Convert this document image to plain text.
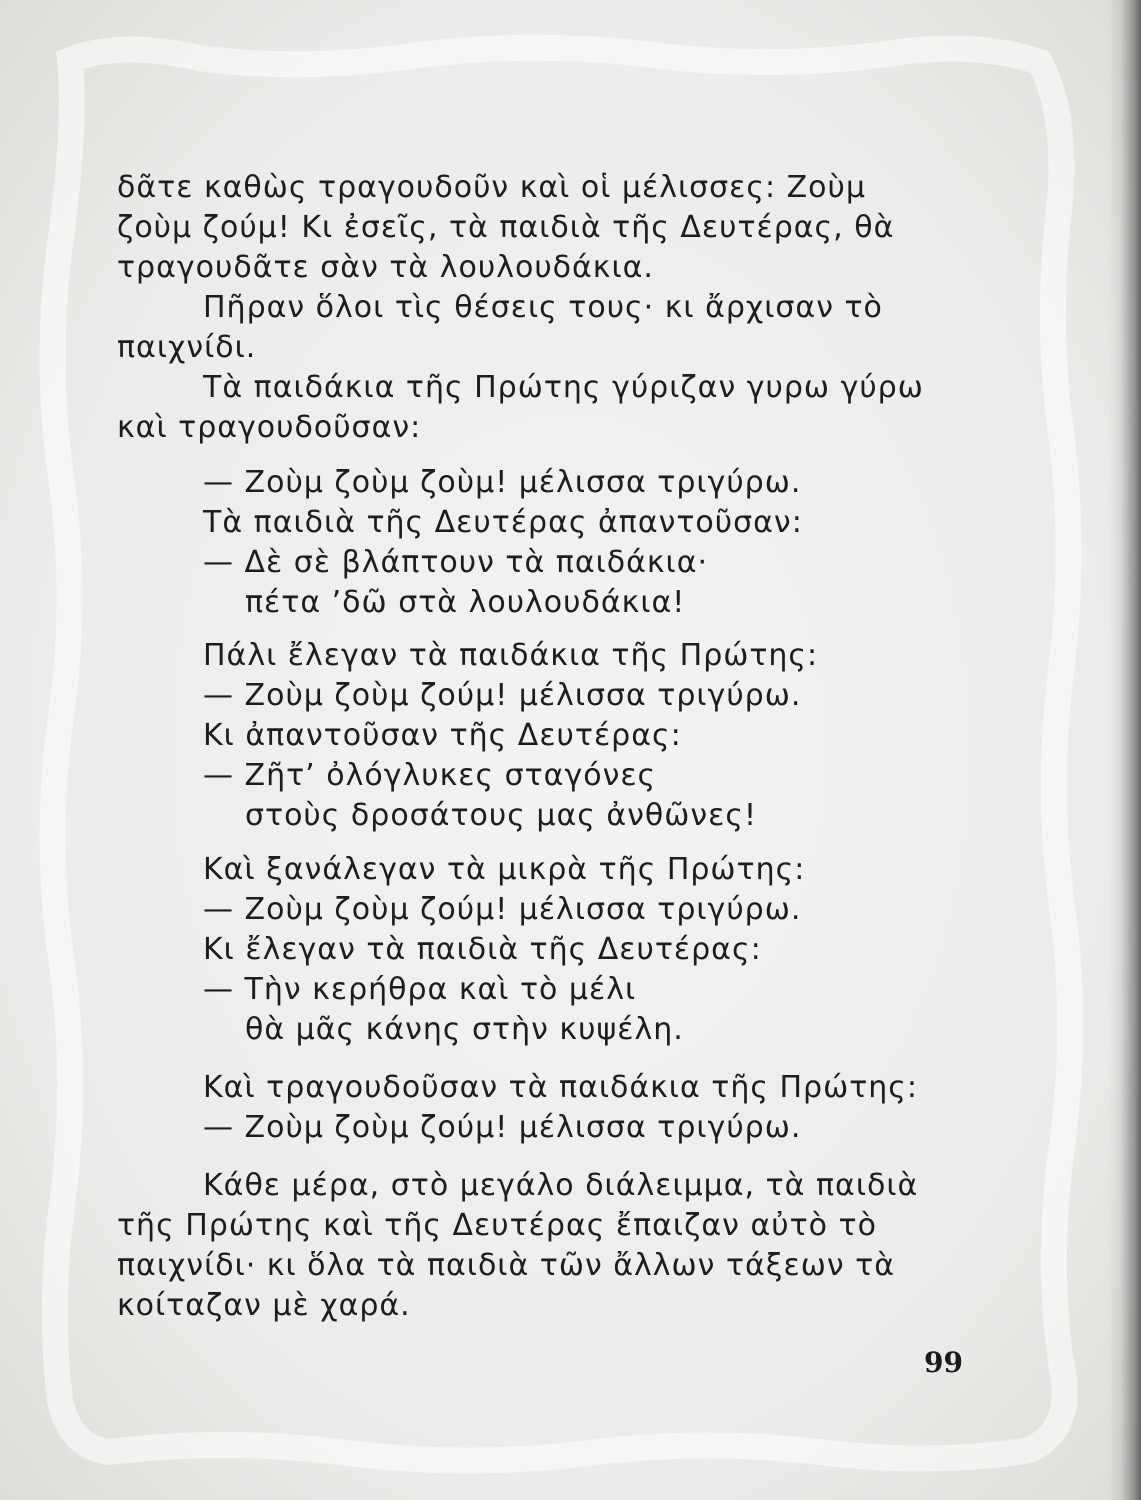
δᾶτε καθὼς τραγουδοῦν καὶ οἱ μέλισσες: Ζοὺμ
ζοὺμ ζούμ! Κι ἐσεῖς, τὰ παιδιὰ τῆς Δευτέρας, θὰ
τραγουδᾶτε σὰν τὰ λουλουδάκια.
Πῆραν ὅλοι τὶς θέσεις τους· κι ἄρχισαν τὸ
παιχνίδι.
Τὰ παιδάκια τῆς Πρώτης γύριζαν γυρω γύρω
καὶ τραγουδοῦσαν:
— Ζοὺμ ζοὺμ ζοὺμ! μέλισσα τριγύρω.
Τὰ παιδιὰ τῆς Δευτέρας ἀπαντοῦσαν:
— Δὲ σὲ βλάπτουν τὰ παιδάκια·
πέτα ’δῶ στὰ λουλουδάκια!
Πάλι ἔλεγαν τὰ παιδάκια τῆς Πρώτης:
— Ζοὺμ ζοὺμ ζούμ! μέλισσα τριγύρω.
Κι ἀπαντοῦσαν τῆς Δευτέρας:
— Ζῆτ’ ὀλόγλυκες σταγόνες
στοὺς δροσάτους μας ἀνθῶνες!
Καὶ ξανάλεγαν τὰ μικρὰ τῆς Πρώτης:
— Ζοὺμ ζοὺμ ζούμ! μέλισσα τριγύρω.
Κι ἔλεγαν τὰ παιδιὰ τῆς Δευτέρας:
— Τὴν κερήθρα καὶ τὸ μέλι
θὰ μᾶς κάνης στὴν κυψέλη.
Καὶ τραγουδοῦσαν τὰ παιδάκια τῆς Πρώτης:
— Ζοὺμ ζοὺμ ζούμ! μέλισσα τριγύρω.
Κάθε μέρα, στὸ μεγάλο διάλειμμα, τὰ παιδιὰ
τῆς Πρώτης καὶ τῆς Δευτέρας ἔπαιζαν αὐτὸ τὸ
παιχνίδι· κι ὅλα τὰ παιδιὰ τῶν ἄλλων τάξεων τὰ
κοίταζαν μὲ χαρά.
99
